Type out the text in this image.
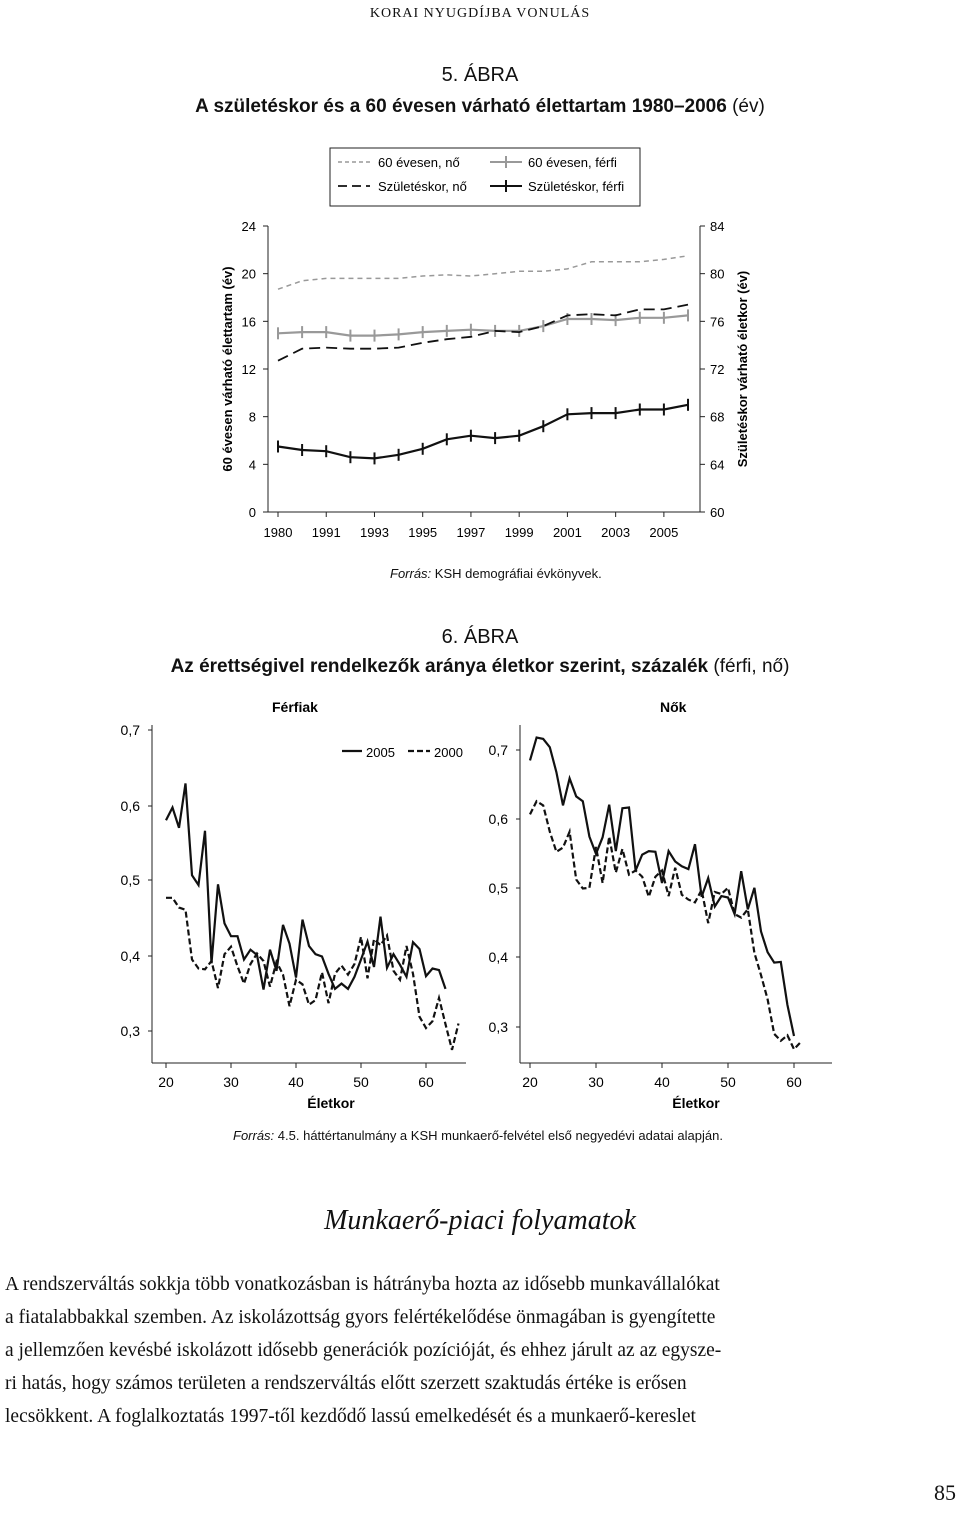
KORAI NYUGDÍJBA VONULÁS
5. ÁBRA
A születéskor és a 60 évesen várható élettartam 1980–2006 (év)
60 évesen, nő
Születéskor, nő
60 évesen, férfi
Születéskor, férfi
0
4
8
12
16
20
24
60
64
68
72
76
80
84
1980 1991 1993 1995 1997 1999 2001 2003 2005
60 évesen várható élettartam (év)	Születéskor várható életkor (év)
Forrás: KSH demográfiai évkönyvek.
6. ÁBRA
Az érettségivel rendelkezők aránya életkor szerint, százalék (férfi, nő)
Férfiak	Nők
2005	2000
0,3
0,4
0,5
0,6
0,7
20	30	40	50	60
0,3
0,4
0,5
0,6
0,7
20	30	40	50	60
Életkor	Életkor
Forrás: 4.5. háttértanulmány a KSH munkaerő-felvétel első negyedévi adatai alapján.
Munkaerő-piaci folyamatok
A rendszerváltás sokkja több vonatkozásban is hátrányba hozta az idősebb munkavállalókat
a fiatalabbakkal szemben. Az iskolázottság gyors felértékelődése önmagában is gyengítette
a jellemzően kevésbé iskolázott idősebb generációk pozícióját, és ehhez járult az az egysze-
ri hatás, hogy számos területen a rendszerváltás előtt szerzett szaktudás értéke is erősen
lecsökkent. A foglalkoztatás 1997-től kezdődő lassú emelkedését és a munkaerő-kereslet
85
